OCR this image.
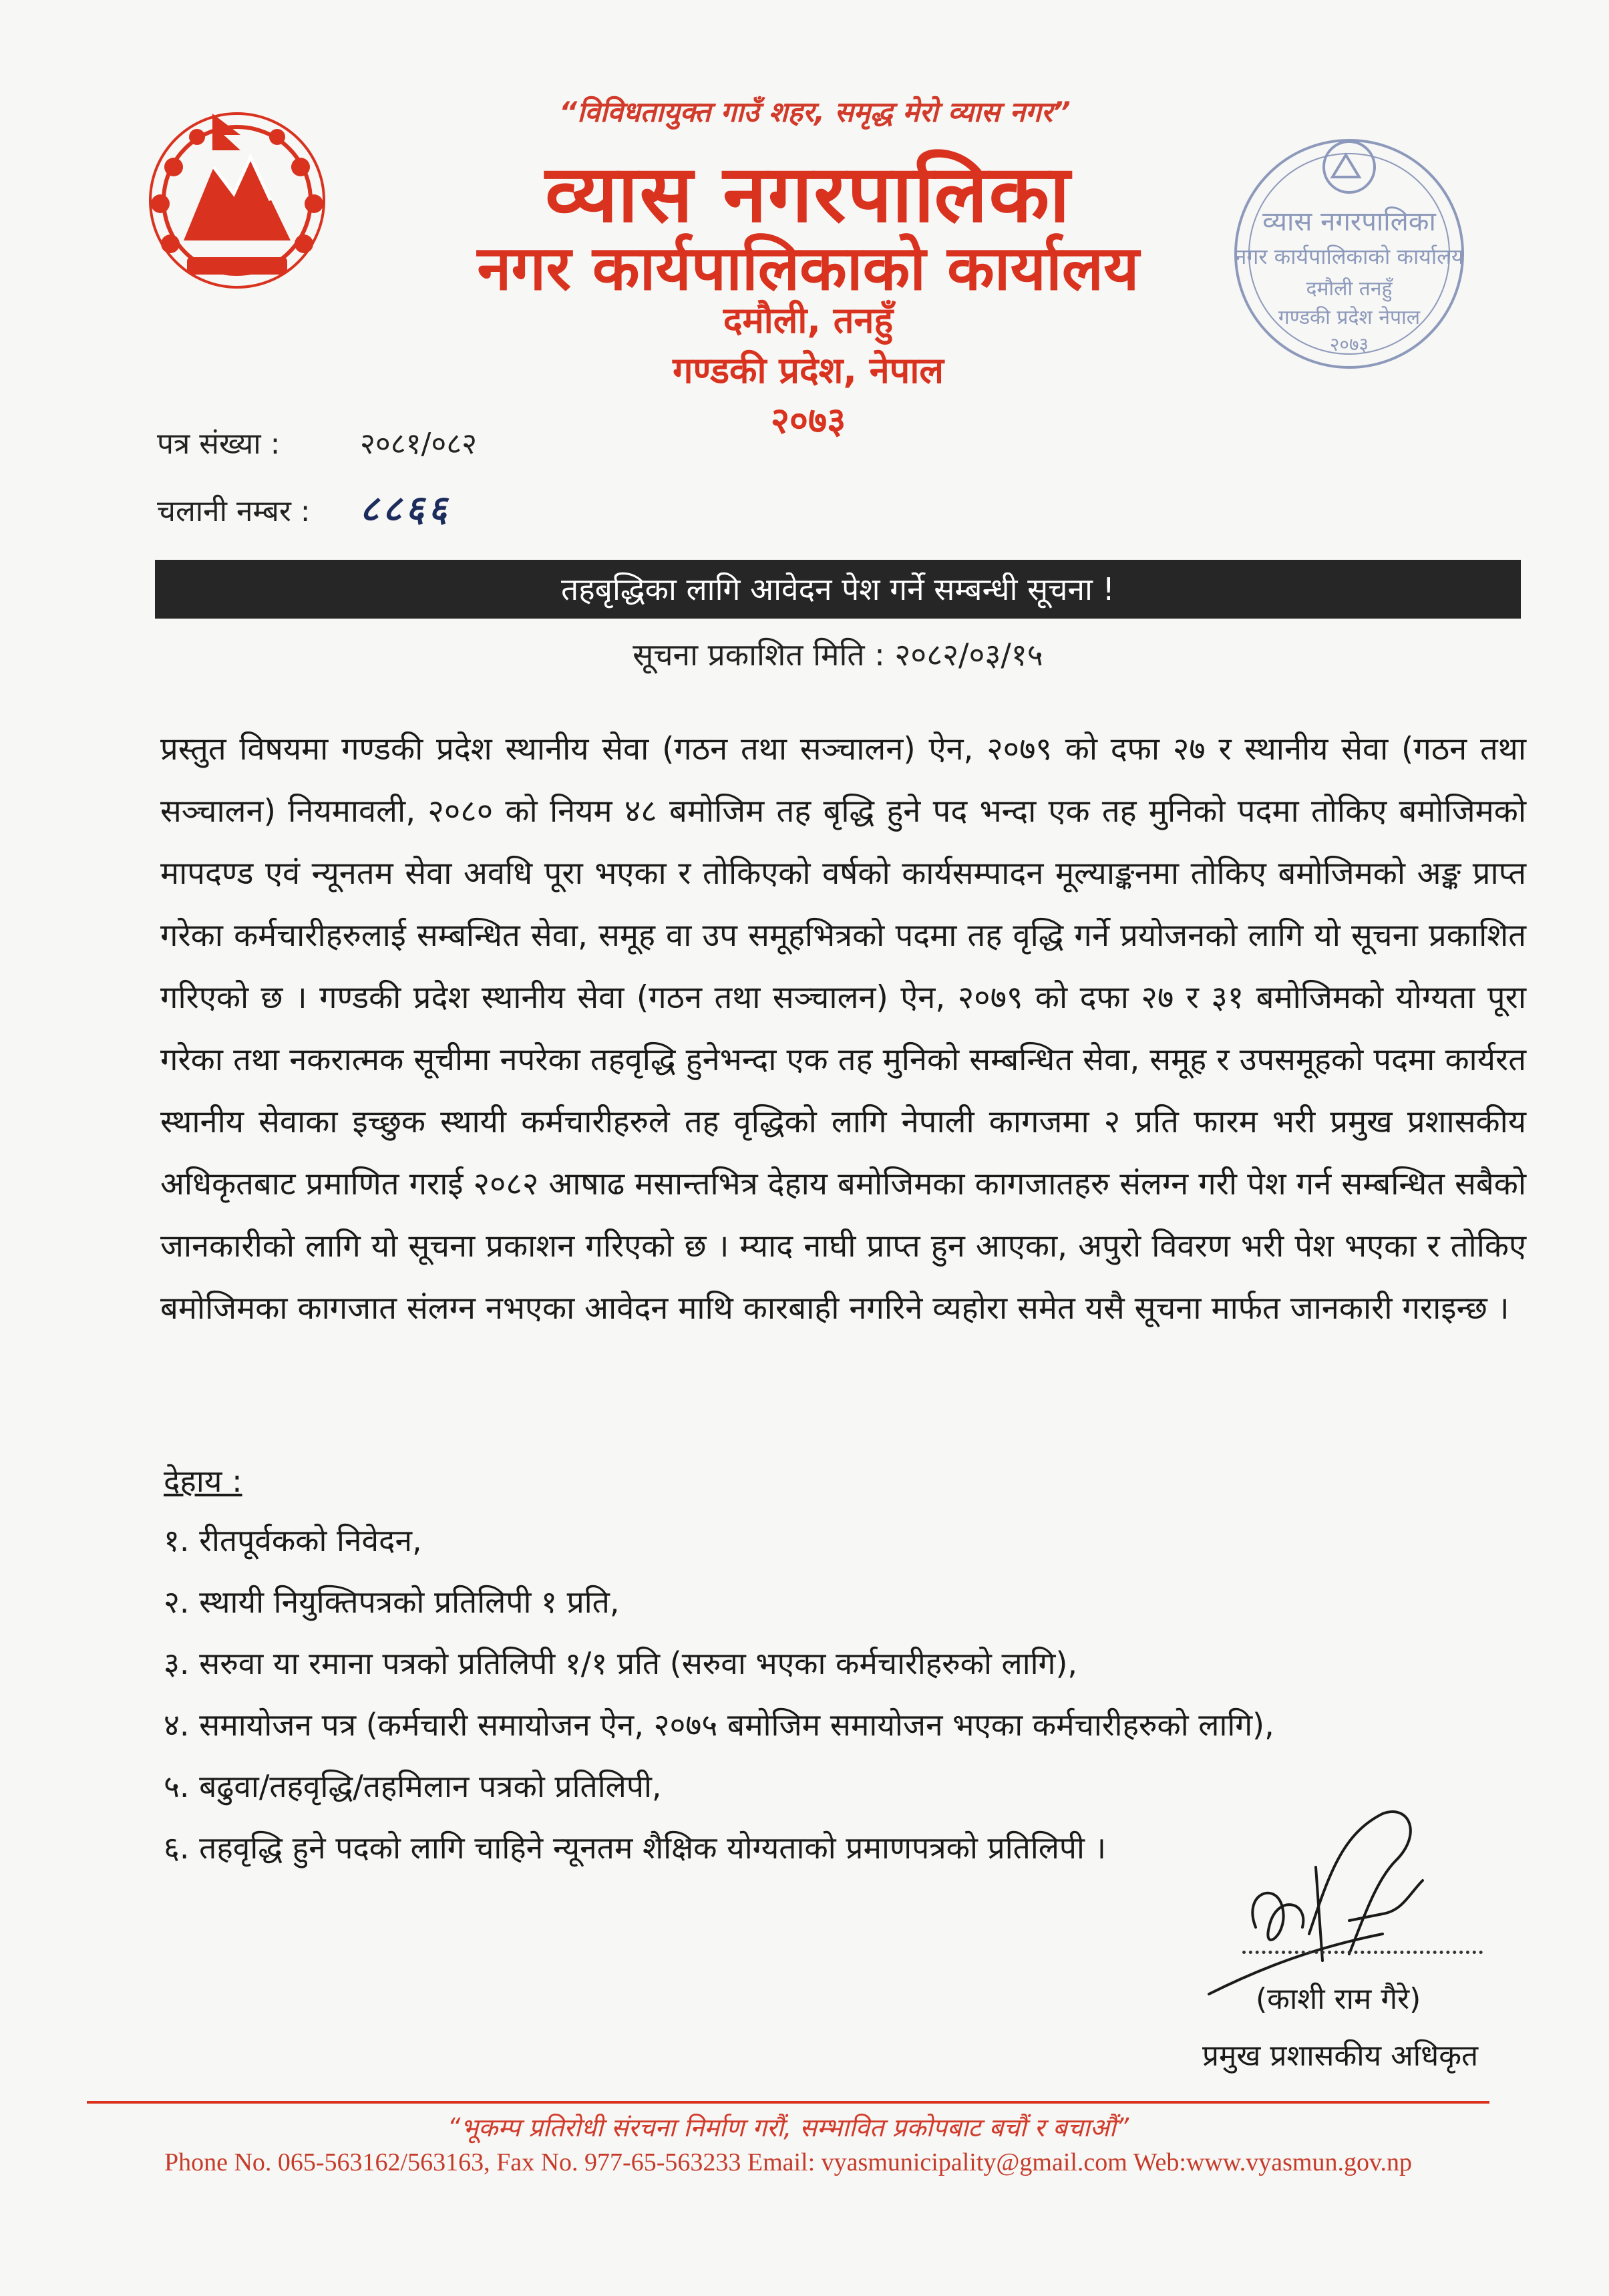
“विविधतायुक्त गाउँ शहर, समृद्ध मेरो व्यास नगर”
व्यास नगरपालिका
नगर कार्यपालिकाको कार्यालय
दमौली, तनहुँ
गण्डकी प्रदेश, नेपाल
२०७३
व्यास नगरपालिका
नगर कार्यपालिकाको कार्यालय
दमौली तनहुँ
गण्डकी प्रदेश नेपाल
२०७३
पत्र संख्या :	२०८१/०८२
चलानी नम्बर : ८८६६
तहबृद्धिका लागि आवेदन पेश गर्ने सम्बन्धी सूचना !
सूचना प्रकाशित मिति : २०८२/०३/१५
प्रस्तुत विषयमा गण्डकी प्रदेश स्थानीय सेवा (गठन तथा सञ्चालन) ऐन, २०७९ को दफा २७ र स्थानीय सेवा (गठन तथा सञ्चालन) नियमावली, २०८० को नियम ४८ बमोजिम तह बृद्धि हुने पद भन्दा एक तह मुनिको पदमा तोकिए बमोजिमको मापदण्ड एवं न्यूनतम सेवा अवधि पूरा भएका र तोकिएको वर्षको कार्यसम्पादन मूल्याङ्कनमा तोकिए बमोजिमको अङ्क प्राप्त गरेका कर्मचारीहरुलाई सम्बन्धित सेवा, समूह वा उप समूहभित्रको पदमा तह वृद्धि गर्ने प्रयोजनको लागि यो सूचना प्रकाशित गरिएको छ । गण्डकी प्रदेश स्थानीय सेवा (गठन तथा सञ्चालन) ऐन, २०७९ को दफा २७ र ३१ बमोजिमको योग्यता पूरा गरेका तथा नकरात्मक सूचीमा नपरेका तहवृद्धि हुनेभन्दा एक तह मुनिको सम्बन्धित सेवा, समूह र उपसमूहको पदमा कार्यरत स्थानीय सेवाका इच्छुक स्थायी कर्मचारीहरुले तह वृद्धिको लागि नेपाली कागजमा २ प्रति फारम भरी प्रमुख प्रशासकीय अधिकृतबाट प्रमाणित गराई २०८२ आषाढ मसान्तभित्र देहाय बमोजिमका कागजातहरु संलग्न गरी पेश गर्न सम्बन्धित सबैको जानकारीको लागि यो सूचना प्रकाशन गरिएको छ । म्याद नाघी प्राप्त हुन आएका, अपुरो विवरण भरी पेश भएका र तोकिए बमोजिमका कागजात संलग्न नभएका आवेदन माथि कारबाही नगरिने व्यहोरा समेत यसै सूचना मार्फत जानकारी गराइन्छ ।
देहाय :
१. रीतपूर्वकको निवेदन,
२. स्थायी नियुक्तिपत्रको प्रतिलिपी १ प्रति,
३. सरुवा या रमाना पत्रको प्रतिलिपी १/१ प्रति (सरुवा भएका कर्मचारीहरुको लागि),
४. समायोजन पत्र (कर्मचारी समायोजन ऐन, २०७५ बमोजिम समायोजन भएका कर्मचारीहरुको लागि),
५. बढुवा/तहवृद्धि/तहमिलान पत्रको प्रतिलिपी,
६. तहवृद्धि हुने पदको लागि चाहिने न्यूनतम शैक्षिक योग्यताको प्रमाणपत्रको प्रतिलिपी ।
(काशी राम गैरे)
प्रमुख प्रशासकीय अधिकृत
“भूकम्प प्रतिरोधी संरचना निर्माण गरौं, सम्भावित प्रकोपबाट बचौं र बचाऔं”
Phone No. 065-563162/563163, Fax No. 977-65-563233 Email: vyasmunicipality@gmail.com Web:www.vyasmun.gov.np
